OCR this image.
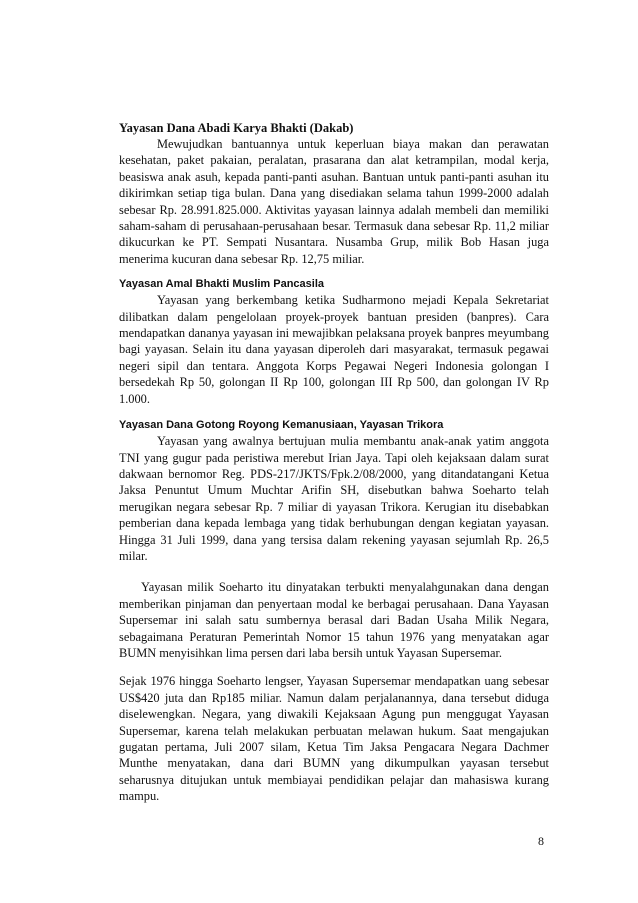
Yayasan Dana Abadi Karya Bhakti (Dakab)

Mewujudkan bantuannya untuk keperluan biaya makan dan perawatan kesehatan, paket pakaian, peralatan, prasarana dan alat ketrampilan, modal kerja, beasiswa anak asuh, kepada panti-panti asuhan. Bantuan untuk panti-panti asuhan itu dikirimkan setiap tiga bulan. Dana yang disediakan selama tahun 1999-2000 adalah sebesar Rp. 28.991.825.000. Aktivitas yayasan lainnya adalah membeli dan memiliki saham-saham di perusahaan-perusahaan besar. Termasuk dana sebesar Rp. 11,2 miliar dikucurkan ke PT. Sempati Nusantara. Nusamba Grup, milik Bob Hasan juga menerima kucuran dana sebesar Rp. 12,75 miliar.

Yayasan Amal Bhakti Muslim Pancasila

Yayasan yang berkembang ketika Sudharmono mejadi Kepala Sekretariat dilibatkan dalam pengelolaan proyek-proyek bantuan presiden (banpres). Cara mendapatkan dananya yayasan ini mewajibkan pelaksana proyek banpres meyumbang bagi yayasan. Selain itu dana yayasan diperoleh dari masyarakat, termasuk pegawai negeri sipil dan tentara. Anggota Korps Pegawai Negeri Indonesia golongan I bersedekah Rp 50, golongan II Rp 100, golongan III Rp 500, dan golongan IV Rp 1.000.

Yayasan Dana Gotong Royong Kemanusiaan, Yayasan Trikora

Yayasan yang awalnya bertujuan mulia membantu anak-anak yatim anggota TNI yang gugur pada peristiwa merebut Irian Jaya. Tapi oleh kejaksaan dalam surat dakwaan bernomor Reg. PDS-217/JKTS/Fpk.2/08/2000, yang ditandatangani Ketua Jaksa Penuntut Umum Muchtar Arifin SH, disebutkan bahwa Soeharto telah merugikan negara sebesar Rp. 7 miliar di yayasan Trikora. Kerugian itu disebabkan pemberian dana kepada lembaga yang tidak berhubungan dengan kegiatan yayasan. Hingga 31 Juli 1999, dana yang tersisa dalam rekening yayasan sejumlah Rp. 26,5 milar.

Yayasan milik Soeharto itu dinyatakan terbukti menyalahgunakan dana dengan memberikan pinjaman dan penyertaan modal ke berbagai perusahaan. Dana Yayasan Supersemar ini salah satu sumbernya berasal dari Badan Usaha Milik Negara, sebagaimana Peraturan Pemerintah Nomor 15 tahun 1976 yang menyatakan agar BUMN menyisihkan lima persen dari laba bersih untuk Yayasan Supersemar.

Sejak 1976 hingga Soeharto lengser, Yayasan Supersemar mendapatkan uang sebesar US$420 juta dan Rp185 miliar. Namun dalam perjalanannya, dana tersebut diduga diselewengkan. Negara, yang diwakili Kejaksaan Agung pun menggugat Yayasan Supersemar, karena telah melakukan perbuatan melawan hukum. Saat mengajukan gugatan pertama, Juli 2007 silam, Ketua Tim Jaksa Pengacara Negara Dachmer Munthe menyatakan, dana dari BUMN yang dikumpulkan yayasan tersebut seharusnya ditujukan untuk membiayai pendidikan pelajar dan mahasiswa kurang mampu.

8
